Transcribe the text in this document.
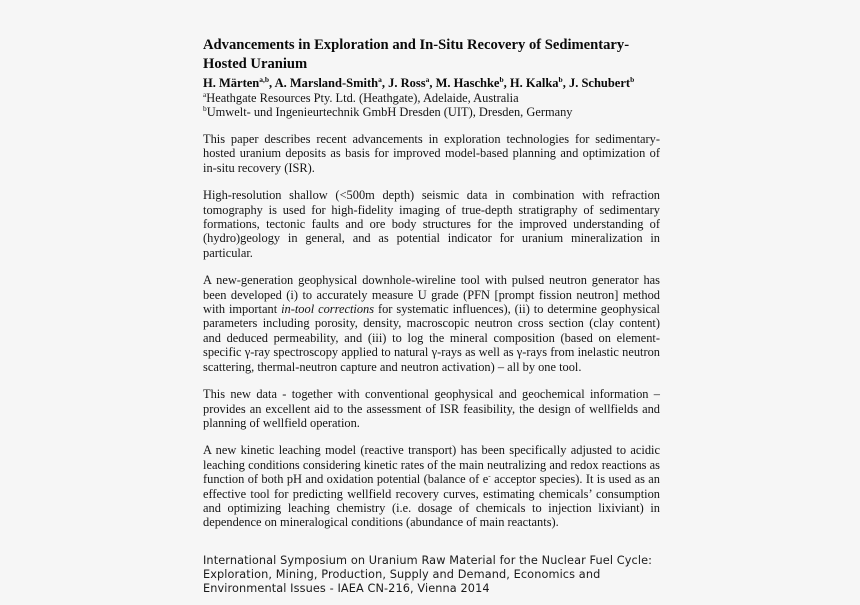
Advancements in Exploration and In-Situ Recovery of Sedimentary-Hosted Uranium

H. Märten$^{a,b}$, A. Marsland-Smith$^a$, J. Ross$^a$, M. Haschke$^b$, H. Kalka$^b$, J. Schubert$^b$

$^a$Heathgate Resources Pty. Ltd. (Heathgate), Adelaide, Australia

$^b$Umwelt- und Ingenieurtechnik GmbH Dresden (UIT), Dresden, Germany

This paper describes recent advancements in exploration technologies for sedimentary-hosted uranium deposits as basis for improved model-based planning and optimization of in-situ recovery (ISR).

High-resolution shallow (<500m depth) seismic data in combination with refraction tomography is used for high-fidelity imaging of true-depth stratigraphy of sedimentary formations, tectonic faults and ore body structures for the improved understanding of (hydro)geology in general, and as potential indicator for uranium mineralization in particular.

A new-generation geophysical downhole-wireline tool with pulsed neutron generator has been developed (i) to accurately measure U grade (PFN [prompt fission neutron] method with important in-tool corrections for systematic influences), (ii) to determine geophysical parameters including porosity, density, macroscopic neutron cross section (clay content) and deduced permeability, and (iii) to log the mineral composition (based on element-specific γ-ray spectroscopy applied to natural γ-rays as well as γ-rays from inelastic neutron scattering, thermal-neutron capture and neutron activation) – all by one tool.

This new data - together with conventional geophysical and geochemical information – provides an excellent aid to the assessment of ISR feasibility, the design of wellfields and planning of wellfield operation.

A new kinetic leaching model (reactive transport) has been specifically adjusted to acidic leaching conditions considering kinetic rates of the main neutralizing and redox reactions as function of both pH and oxidation potential (balance of e- acceptor species). It is used as an effective tool for predicting wellfield recovery curves, estimating chemicals’ consumption and optimizing leaching chemistry (i.e. dosage of chemicals to injection lixiviant) in dependence on mineralogical conditions (abundance of main reactants).

International Symposium on Uranium Raw Material for the Nuclear Fuel Cycle:
Exploration, Mining, Production, Supply and Demand, Economics and
Environmental Issues - IAEA CN-216, Vienna 2014
